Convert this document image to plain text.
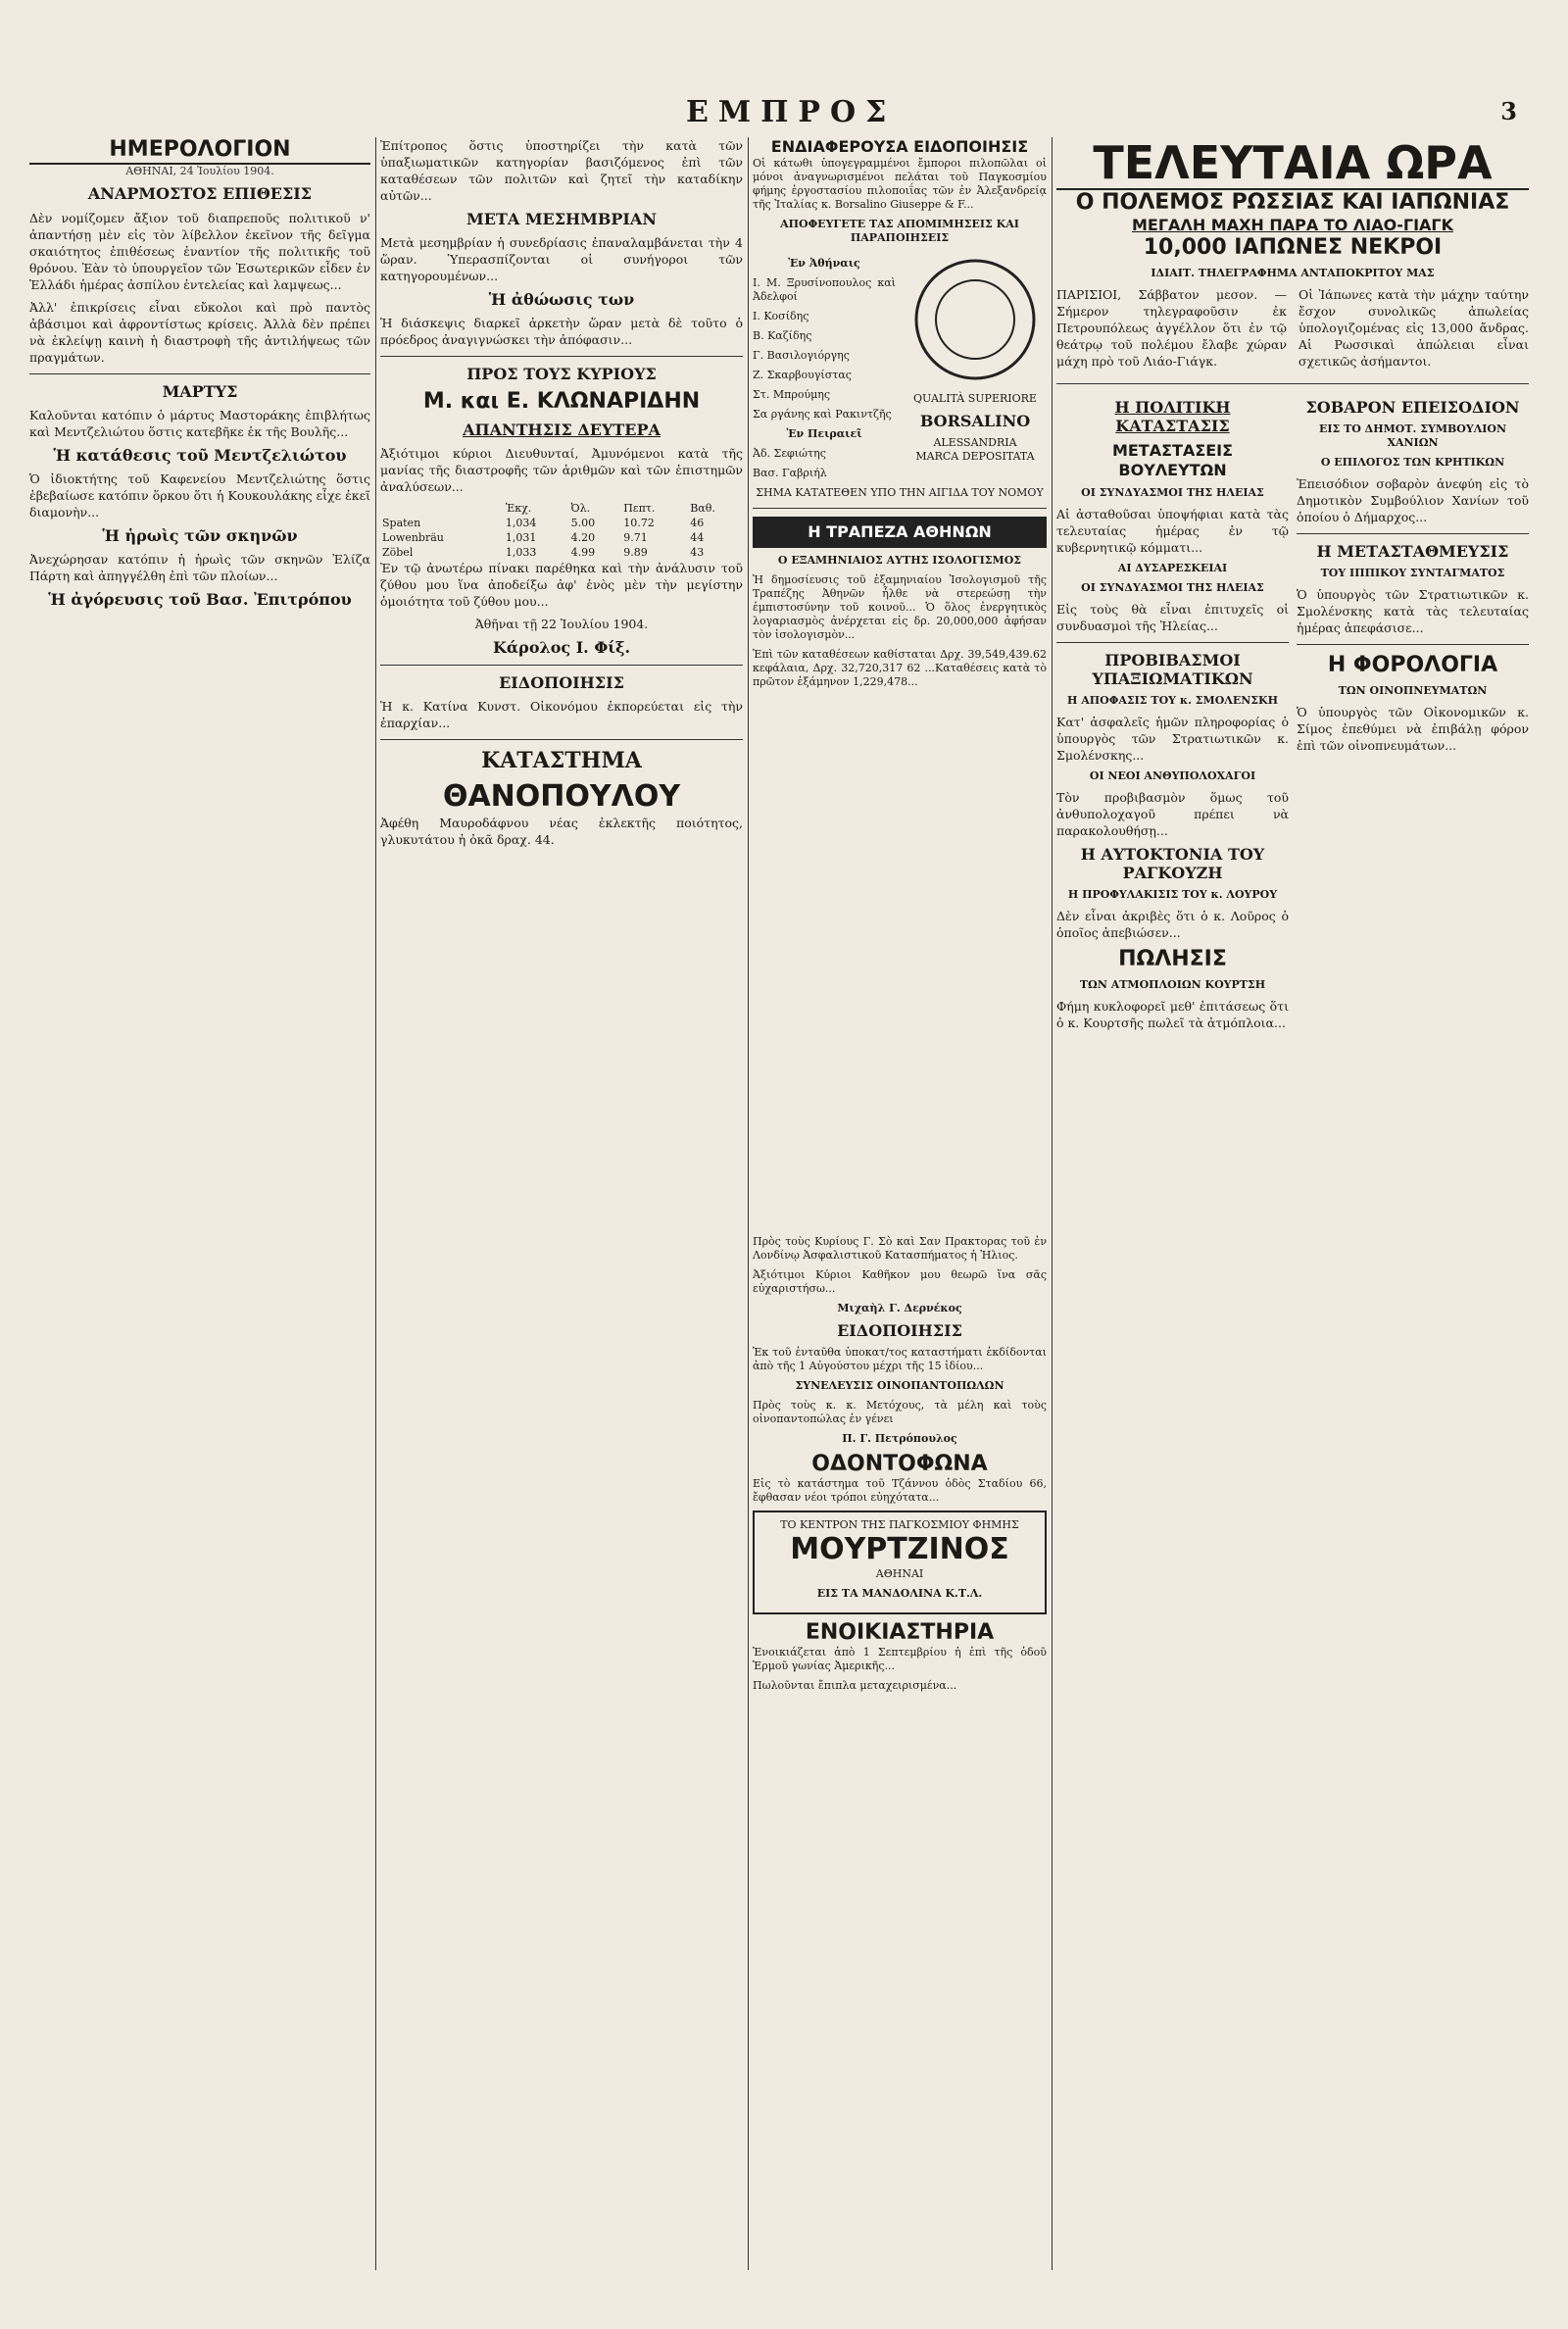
ΕΜΠΡΟΣ	3
ΗΜΕΡΟΛΟΓΙΟΝ
ΑΘΗΝΑΙ, 24 Ἰουλίου 1904.
ΑΝΑΡΜΟΣΤΟΣ ΕΠΙΘΕΣΙΣ

Δὲν νομίζομεν ἄξιον τοῦ διαπρεποῦς πολιτικοῦ ν' ἀπαντήσῃ μὲν εἰς τὸν λίβελλον ἐκεῖνον τῆς δεῖγμα σκαιότητος ἐπιθέσεως ἐναντίον τῆς πολιτικῆς τοῦ θρόνου. Ἐὰν τὸ ὑπουργεῖον τῶν Ἐσωτερικῶν εἶδεν ἐν Ἑλλάδι ἡμέρας ἀσπίλου ἐντελείας καὶ λαμψεως...

Ἀλλ' ἐπικρίσεις εἶναι εὔκολοι καὶ πρὸ παντὸς ἀβάσιμοι καὶ ἀφροντίστως κρίσεις. Ἀλλὰ δὲν πρέπει νὰ ἐκλείψῃ καινὴ ἡ διαστροφὴ τῆς ἀντιλήψεως τῶν πραγμάτων.

ΜΑΡΤΥΣ

Καλοῦνται κατόπιν ὁ μάρτυς Μαστοράκης ἐπιβλήτως καὶ Μεντζελιώτου ὅστις κατεβῆκε ἐκ τῆς Βουλῆς...

Ἡ κατάθεσις τοῦ Μεντζελιώτου

Ὁ ἰδιοκτήτης τοῦ Καφενείου Μεντζελιώτης ὅστις ἐβεβαίωσε κατόπιν ὅρκου ὅτι ἡ Κουκουλάκης εἶχε ἐκεῖ διαμονὴν...

Ἡ ἡρωὶς τῶν σκηνῶν

Ἀνεχώρησαν κατόπιν ἡ ἡρωὶς τῶν σκηνῶν Ἐλίζα Πάρτη καὶ ἀπηγγέλθη ἐπὶ τῶν πλοίων...

Ἡ ἀγόρευσις τοῦ Βασ. Ἐπιτρόπου

Ἐπίτροπος ὅστις ὑποστηρίζει τὴν κατὰ τῶν ὑπαξιωματικῶν κατηγορίαν βασιζόμενος ἐπὶ τῶν καταθέσεων τῶν πολιτῶν καὶ ζητεῖ τὴν καταδίκην αὐτῶν...

ΜΕΤΑ ΜΕΣΗΜΒΡΙΑΝ

Μετὰ μεσημβρίαν ἡ συνεδρίασις ἐπαναλαμβάνεται τὴν 4 ὥραν. Ὑπερασπίζονται οἱ συνήγοροι τῶν κατηγορουμένων...

Ἡ ἀθώωσις των

Ἡ διάσκεψις διαρκεῖ ἀρκετὴν ὥραν μετὰ δὲ τοῦτο ὁ πρόεδρος ἀναγιγνώσκει τὴν ἀπόφασιν...

ΠΡΟΣ ΤΟΥΣ ΚΥΡΙΟΥΣ
Μ. και Ε. ΚΛΩΝΑΡΙΔΗΝ
ΑΠΑΝΤΗΣΙΣ ΔΕΥΤΕΡΑ

Ἀξιότιμοι κύριοι Διευθυνταί, Ἀμυνόμενοι κατὰ τῆς μανίας τῆς διαστροφῆς τῶν ἀριθμῶν καὶ τῶν ἐπιστημῶν ἀναλύσεων...

	Ἐκχ.	Ὀλ.	Πεπτ.	Βαθ.
Spaten	1,034	5.00	10.72	46
Lowenbräu	1,031	4.20	9.71	44
Zöbel	1,033	4.99	9.89	43

Ἐν τῷ ἀνωτέρω πίνακι παρέθηκα καὶ τὴν ἀνάλυσιν τοῦ ζύθου μου ἵνα ἀποδείξω ἀφ' ἑνὸς μὲν τὴν μεγίστην ὁμοιότητα τοῦ ζύθου μου...

Ἀθῆναι τῇ 22 Ἰουλίου 1904.
Κάρολος Ι. Φίξ.
ΕΙΔΟΠΟΙΗΣΙΣ

Ἡ κ. Κατίνα Κυνστ. Οἰκονόμου ἐκπορεύεται εἰς τὴν ἐπαρχίαν...

ΚΑΤΑΣΤΗΜΑ
ΘΑΝΟΠΟΥΛΟΥ

Ἀφέθη Μαυροδάφνου νέας ἐκλεκτῆς ποιότητος, γλυκυτάτου ἡ ὀκᾶ δραχ. 44.

ΕΝΔΙΑΦΕΡΟΥΣΑ ΕΙΔΟΠΟΙΗΣΙΣ

Οἱ κάτωθι ὑπογεγραμμένοι ἔμποροι πιλοπῶλαι οἱ μόνοι ἀναγνωρισμένοι πελάται τοῦ Παγκοσμίου φήμης ἐργοστασίου πιλοποιΐας τῶν ἐν Ἀλεξανδρείᾳ τῆς Ἰταλίας κ. Borsalino Giuseppe & F...

ΑΠΟΦΕΥΓΕΤΕ ΤΑΣ ΑΠΟΜΙΜΗΣΕΙΣ ΚΑΙ ΠΑΡΑΠΟΙΗΣΕΙΣ
Ἐν Ἀθήναις
Ι. Μ. Ξρυσίνοπουλος καὶ Ἀδελφοί
Ι. Κοσίδης
Β. Καζίδης
Γ. Βασιλογιόργης
Ζ. Σκαρβουγίστας
Στ. Μπρούμης
Σα ργάνης καὶ Ρακιντζῆς
Ἐν Πειραιεῖ
Ἀδ. Σεφιώτης
Βασ. Γαβριήλ
QUALITÀ SUPERIORE
BORSALINO
ALESSANDRIA
MARCA DEPOSITATA
ΣΗΜΑ ΚΑΤΑΤΕΘΕΝ ΥΠΟ ΤΗΝ ΑΙΓΙΔΑ ΤΟΥ ΝΟΜΟΥ
Η ΤΡΑΠΕΖΑ ΑΘΗΝΩΝ
Ο ΕΞΑΜΗΝΙΑΙΟΣ ΑΥΤΗΣ ΙΣΟΛΟΓΙΣΜΟΣ

Ἡ δημοσίευσις τοῦ ἑξαμηνιαίου Ἰσολογισμοῦ τῆς Τραπέζης Ἀθηνῶν ἦλθε νὰ στερεώσῃ τὴν ἐμπιστοσύνην τοῦ κοινοῦ... Ὁ ὅλος ἐνεργητικὸς λογαριασμὸς ἀνέρχεται εἰς δρ. 20,000,000 ἀφήσαν τὸν ἰσολογισμὸν...

Ἐπὶ τῶν καταθέσεων καθίσταται Δρχ. 39,549,439.62 κεφάλαια, Δρχ. 32,720,317 62 ...Καταθέσεις κατὰ τὸ πρῶτον ἑξάμηνον 1,229,478...

ΤΕΛΕΥΤΑΙΑ ΩΡΑ
Ο ΠΟΛΕΜΟΣ ΡΩΣΣΙΑΣ ΚΑΙ ΙΑΠΩΝΙΑΣ
ΜΕΓΑΛΗ ΜΑΧΗ ΠΑΡΑ ΤΟ ΛΙΑΟ-ΓΙΑΓΚ
10,000 ΙΑΠΩΝΕΣ ΝΕΚΡΟΙ
ΙΔΙΑΙΤ. ΤΗΛΕΓΡΑΦΗΜΑ ΑΝΤΑΠΟΚΡΙΤΟΥ ΜΑΣ

ΠΑΡΙΣΙΟΙ, Σάββατον μεσον. — Σήμερον τηλεγραφοῦσιν ἐκ Πετρουπόλεως ἀγγέλλον ὅτι ἐν τῷ θεάτρῳ τοῦ πολέμου ἔλαβε χώραν μάχη πρὸ τοῦ Λιάο-Γιάγκ.

Οἱ Ἰάπωνες κατὰ τὴν μάχην ταύτην ἔσχον συνολικῶς ἀπωλείας ὑπολογιζομένας εἰς 13,000 ἄνδρας. Αἱ Ρωσσικαὶ ἀπώλειαι εἶναι σχετικῶς ἀσήμαντοι.

Η ΠΟΛΙΤΙΚΗ ΚΑΤΑΣΤΑΣΙΣ
ΜΕΤΑΣΤΑΣΕΙΣ ΒΟΥΛΕΥΤΩΝ
ΟΙ ΣΥΝΔΥΑΣΜΟΙ ΤΗΣ ΗΛΕΙΑΣ

Αἱ ἀσταθοῦσαι ὑποψήφιαι κατὰ τὰς τελευταίας ἡμέρας ἐν τῷ κυβερνητικῷ κόμματι...

ΑΙ ΔΥΣΑΡΕΣΚΕΙΑΙ
ΟΙ ΣΥΝΔΥΑΣΜΟΙ ΤΗΣ ΗΛΕΙΑΣ

Εἰς τοὺς θὰ εἶναι ἐπιτυχεῖς οἱ συνδυασμοὶ τῆς Ἠλείας...

ΠΡΟΒΙΒΑΣΜΟΙ ΥΠΑΞΙΩΜΑΤΙΚΩΝ
Η ΑΠΟΦΑΣΙΣ ΤΟΥ κ. ΣΜΟΛΕΝΣΚΗ

Κατ' ἀσφαλεῖς ἡμῶν πληροφορίας ὁ ὑπουργὸς τῶν Στρατιωτικῶν κ. Σμολένσκης...

ΟΙ ΝΕΟΙ ΑΝΘΥΠΟΛΟΧΑΓΟΙ

Τὸν προβιβασμὸν ὅμως τοῦ ἀνθυπολοχαγοῦ πρέπει νὰ παρακολουθήσῃ...

Η ΑΥΤΟΚΤΟΝΙΑ ΤΟΥ ΡΑΓΚΟΥΖΗ
Η ΠΡΟΦΥΛΑΚΙΣΙΣ ΤΟΥ κ. ΛΟΥΡΟΥ

Δὲν εἶναι ἀκριβὲς ὅτι ὁ κ. Λοῦρος ὁ ὁποῖος ἀπεβιώσεν...

ΠΩΛΗΣΙΣ
ΤΩΝ ΑΤΜΟΠΛΟΙΩΝ ΚΟΥΡΤΣΗ

Φήμη κυκλοφορεῖ μεθ' ἐπιτάσεως ὅτι ὁ κ. Κουρτσῆς πωλεῖ τὰ ἀτμόπλοια...

ΣΟΒΑΡΟΝ ΕΠΕΙΣΟΔΙΟΝ
ΕΙΣ ΤΟ ΔΗΜΟΤ. ΣΥΜΒΟΥΛΙΟΝ ΧΑΝΙΩΝ
Ο ΕΠΙΛΟΓΟΣ ΤΩΝ ΚΡΗΤΙΚΩΝ

Ἐπεισόδιον σοβαρὸν ἀνεφύη εἰς τὸ Δημοτικὸν Συμβούλιον Χανίων τοῦ ὁποίου ὁ Δήμαρχος...

Η ΜΕΤΑΣΤΑΘΜΕΥΣΙΣ
ΤΟΥ ΙΠΠΙΚΟΥ ΣΥΝΤΑΓΜΑΤΟΣ

Ὁ ὑπουργὸς τῶν Στρατιωτικῶν κ. Σμολένσκης κατὰ τὰς τελευταίας ἡμέρας ἀπεφάσισε...

Η ΦΟΡΟΛΟΓΙΑ
ΤΩΝ ΟΙΝΟΠΝΕΥΜΑΤΩΝ

Ὁ ὑπουργὸς τῶν Οἰκονομικῶν κ. Σίμος ἐπεθύμει νὰ ἐπιβάλῃ φόρον ἐπὶ τῶν οἰνοπνευμάτων...

Πρὸς τοὺς Κυρίους Γ. Σὸ καὶ Σαν Πρακτορας τοῦ ἐν Λονδίνῳ Ἀσφαλιστικοῦ Κατασπήματος ἡ Ἠλιος.

Ἀξιότιμοι Κύριοι Καθῆκον μου θεωρῶ ἵνα σᾶς εὐχαριστήσω...

Μιχαὴλ Γ. Δερνέκος
ΕΙΔΟΠΟΙΗΣΙΣ

Ἐκ τοῦ ἐνταῦθα ὑποκατ/τος καταστήματι ἐκδίδονται ἀπὸ τῆς 1 Αὐγούστου μέχρι τῆς 15 ἰδίου...

ΣΥΝΕΛΕΥΣΙΣ ΟΙΝΟΠΑΝΤΟΠΩΛΩΝ

Πρὸς τοὺς κ. κ. Μετόχους, τὰ μέλη καὶ τοὺς οἰνοπαντοπώλας ἐν γένει

Π. Γ. Πετρόπουλος
ΟΔΟΝΤΟΦΩΝΑ

Εἰς τὸ κατάστημα τοῦ Τζάννου ὁδὸς Σταδίου 66, ἔφθασαν νέοι τρόποι εὐηχότατα...

ΤΟ ΚΕΝΤΡΟΝ ΤΗΣ ΠΑΓΚΟΣΜΙΟΥ ΦΗΜΗΣ
ΜΟΥΡΤΖΙΝΟΣ
ΑΘΗΝΑΙ
ΕΙΣ ΤΑ ΜΑΝΔΟΛΙΝΑ Κ.Τ.Λ.
ΕΝΟΙΚΙΑΣΤΗΡΙΑ

Ἐνοικιάζεται ἀπὸ 1 Σεπτεμβρίου ἡ ἐπὶ τῆς ὁδοῦ Ἑρμοῦ γωνίας Ἀμερικῆς...

Πωλοῦνται ἔπιπλα μεταχειρισμένα...
